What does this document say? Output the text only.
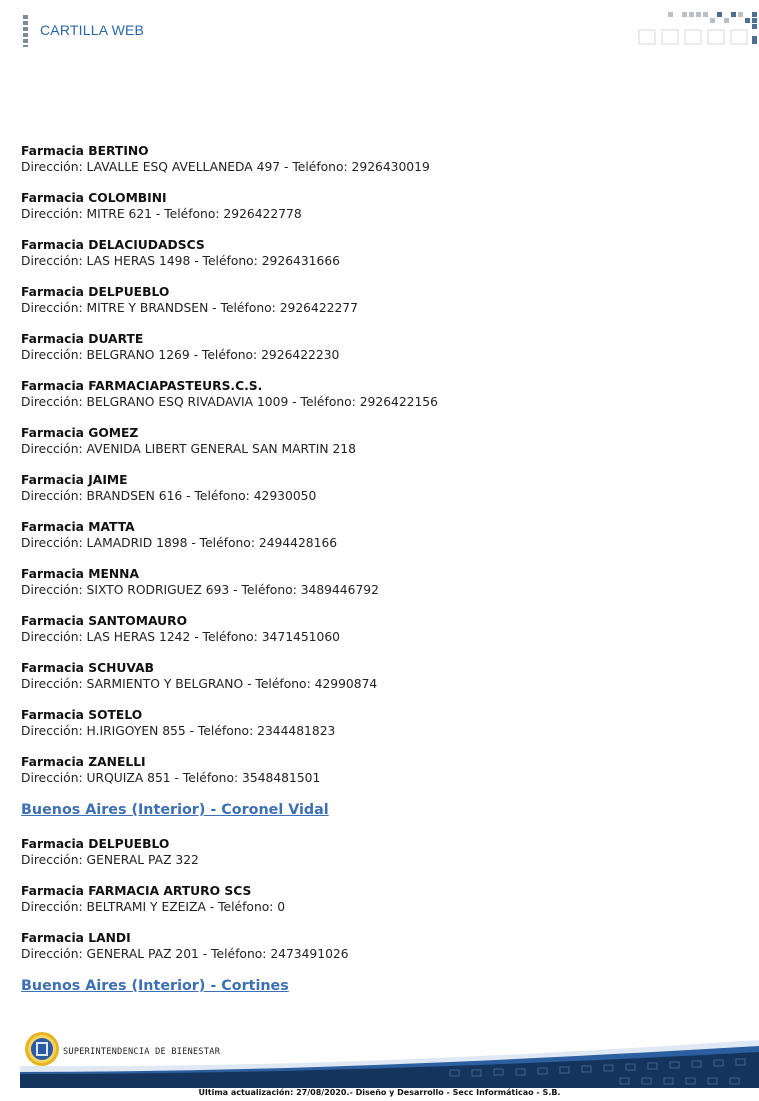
CARTILLA WEB
Farmacia BERTINO
Dirección: LAVALLE ESQ AVELLANEDA 497 - Teléfono: 2926430019
Farmacia COLOMBINI
Dirección: MITRE 621 - Teléfono: 2926422778
Farmacia DELACIUDADSCS
Dirección: LAS HERAS 1498 - Teléfono: 2926431666
Farmacia DELPUEBLO
Dirección: MITRE Y BRANDSEN - Teléfono: 2926422277
Farmacia DUARTE
Dirección: BELGRANO 1269 - Teléfono: 2926422230
Farmacia FARMACIAPASTEURS.C.S.
Dirección: BELGRANO ESQ RIVADAVIA 1009 - Teléfono: 2926422156
Farmacia GOMEZ
Dirección: AVENIDA LIBERT GENERAL SAN MARTIN 218
Farmacia JAIME
Dirección: BRANDSEN 616 - Teléfono: 42930050
Farmacia MATTA
Dirección: LAMADRID 1898 - Teléfono: 2494428166
Farmacia MENNA
Dirección: SIXTO RODRIGUEZ 693 - Teléfono: 3489446792
Farmacia SANTOMAURO
Dirección: LAS HERAS 1242 - Teléfono: 3471451060
Farmacia SCHUVAB
Dirección: SARMIENTO Y BELGRANO - Teléfono: 42990874
Farmacia SOTELO
Dirección: H.IRIGOYEN 855 - Teléfono: 2344481823
Farmacia ZANELLI
Dirección: URQUIZA 851 - Teléfono: 3548481501
Buenos Aires (Interior) - Coronel Vidal
Farmacia DELPUEBLO
Dirección: GENERAL PAZ 322
Farmacia FARMACIA ARTURO SCS
Dirección: BELTRAMI Y EZEIZA - Teléfono: 0
Farmacia LANDI
Dirección: GENERAL PAZ 201 - Teléfono: 2473491026
Buenos Aires (Interior) - Cortines
SUPERINTENDENCIA DE BIENESTAR
Ultima actualización: 27/08/2020.- Diseño y Desarrollo - Secc Informáticao - S.B.
